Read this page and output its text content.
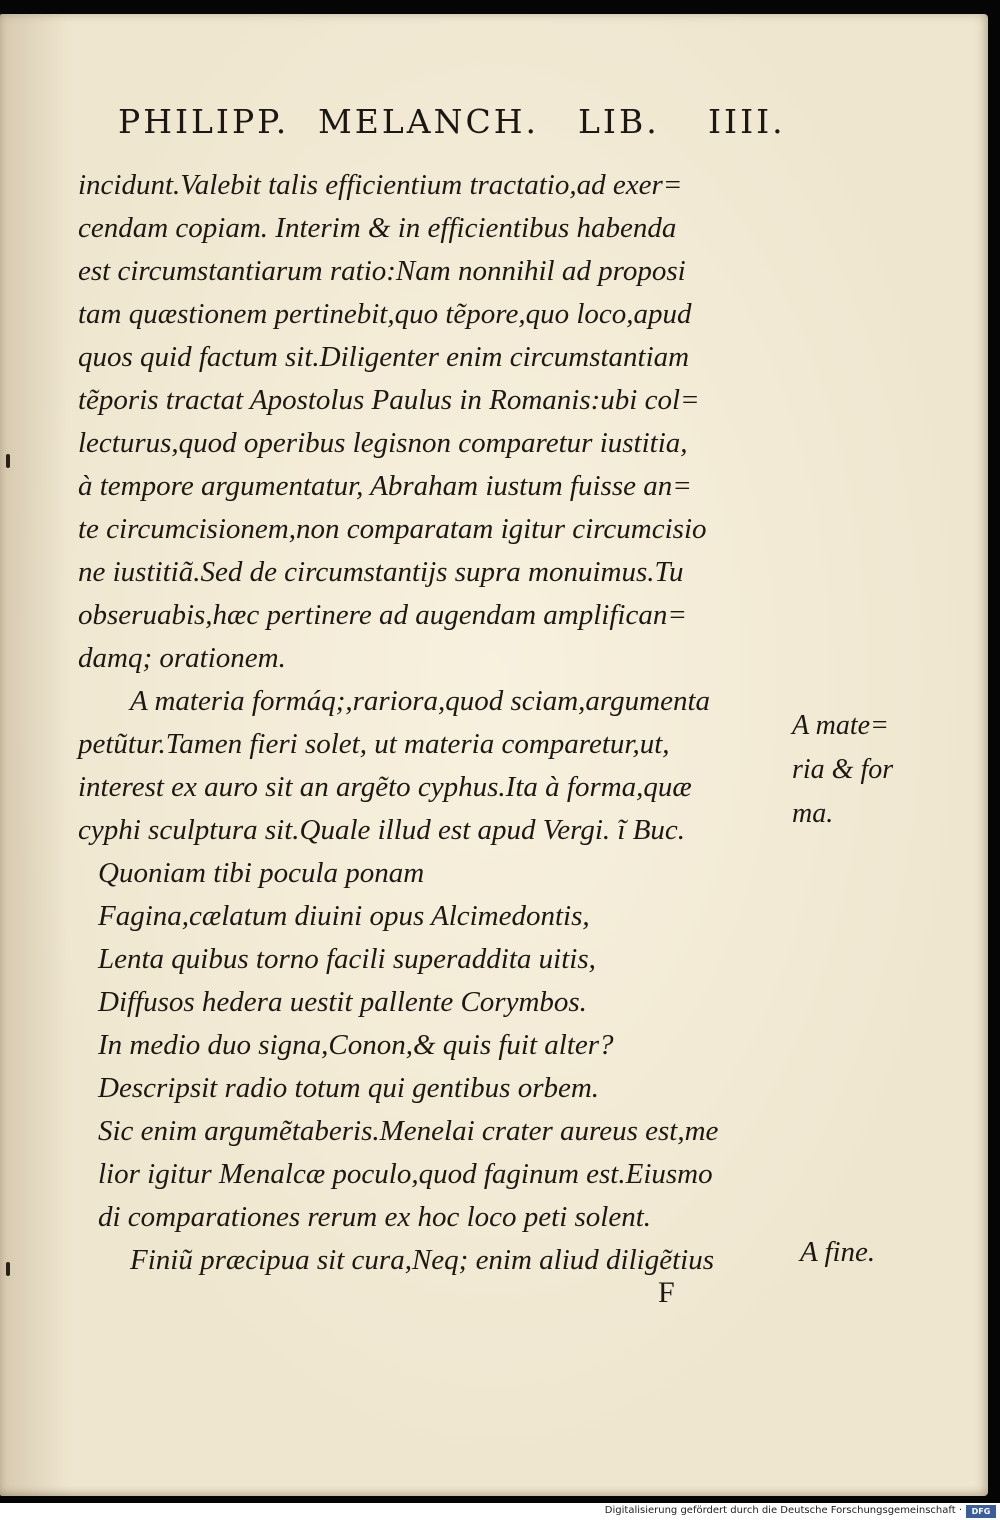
PHILIPP. MELANCH. LIB. IIII.
incidunt.Valebit talis efficientium tractatio,ad exer=
cendam copiam. Interim & in efficientibus habenda
est circumstantiarum ratio:Nam nonnihil ad proposi
tam quæstionem pertinebit,quo tẽpore,quo loco,apud
quos quid factum sit.Diligenter enim circumstantiam
tẽporis tractat Apostolus Paulus in Romanis:ubi col=
lecturus,quod operibus legisnon comparetur iustitia,
à tempore argumentatur, Abraham iustum fuisse an=
te circumcisionem,non comparatam igitur circumcisio
ne iustitiã.Sed de circumstantijs supra monuimus.Tu
obseruabis,hæc pertinere ad augendam amplifican=
damq; orationem.
A materia formáq;,rariora,quod sciam,argumenta
petũtur.Tamen fieri solet, ut materia comparetur,ut,
interest ex auro sit an argẽto cyphus.Ita à forma,quæ
cyphi sculptura sit.Quale illud est apud Vergi. ĩ Buc.
Quoniam tibi pocula ponam
Fagina,cælatum diuini opus Alcimedontis,
Lenta quibus torno facili superaddita uitis,
Diffusos hedera uestit pallente Corymbos.
In medio duo signa,Conon,& quis fuit alter?
Descripsit radio totum qui gentibus orbem.
Sic enim argumẽtaberis.Menelai crater aureus est,me
lior igitur Menalcæ poculo,quod faginum est.Eiusmo
di comparationes rerum ex hoc loco peti solent.
Finiũ præcipua sit cura,Neq; enim aliud diligẽtius
A mate=
ria & for
ma.
A fine.
F
Digitalisierung gefördert durch die Deutsche Forschungsgemeinschaft ·	DFG
